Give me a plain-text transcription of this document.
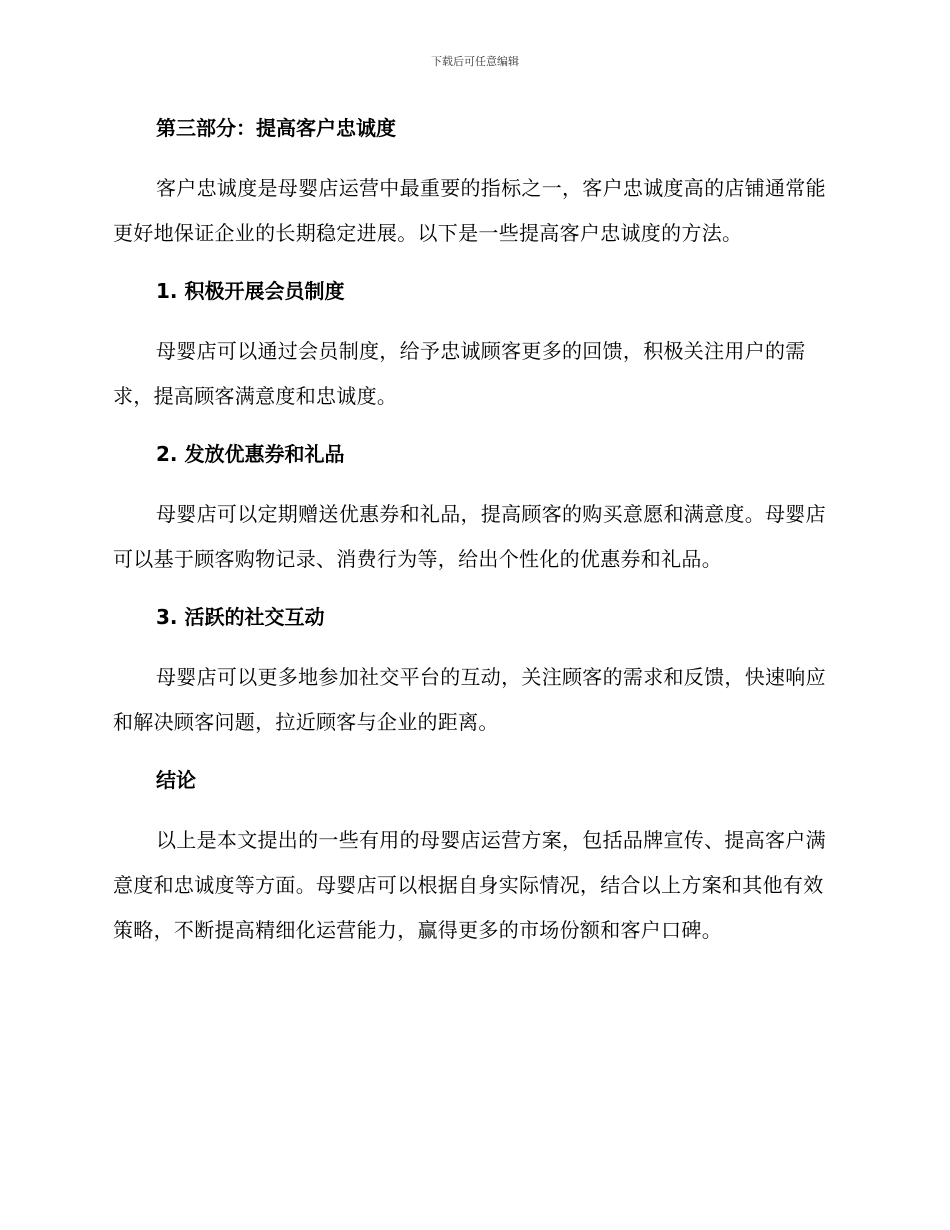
下载后可任意编辑
第三部分：提高客户忠诚度

客户忠诚度是母婴店运营中最重要的指标之一，客户忠诚度高的店铺通常能更好地保证企业的长期稳定进展。以下是一些提高客户忠诚度的方法。

1. 积极开展会员制度

母婴店可以通过会员制度，给予忠诚顾客更多的回馈，积极关注用户的需求，提高顾客满意度和忠诚度。

2. 发放优惠券和礼品

母婴店可以定期赠送优惠券和礼品，提高顾客的购买意愿和满意度。母婴店可以基于顾客购物记录、消费行为等，给出个性化的优惠券和礼品。

3. 活跃的社交互动

母婴店可以更多地参加社交平台的互动，关注顾客的需求和反馈，快速响应和解决顾客问题，拉近顾客与企业的距离。

结论

以上是本文提出的一些有用的母婴店运营方案，包括品牌宣传、提高客户满意度和忠诚度等方面。母婴店可以根据自身实际情况，结合以上方案和其他有效策略，不断提高精细化运营能力，赢得更多的市场份额和客户口碑。
